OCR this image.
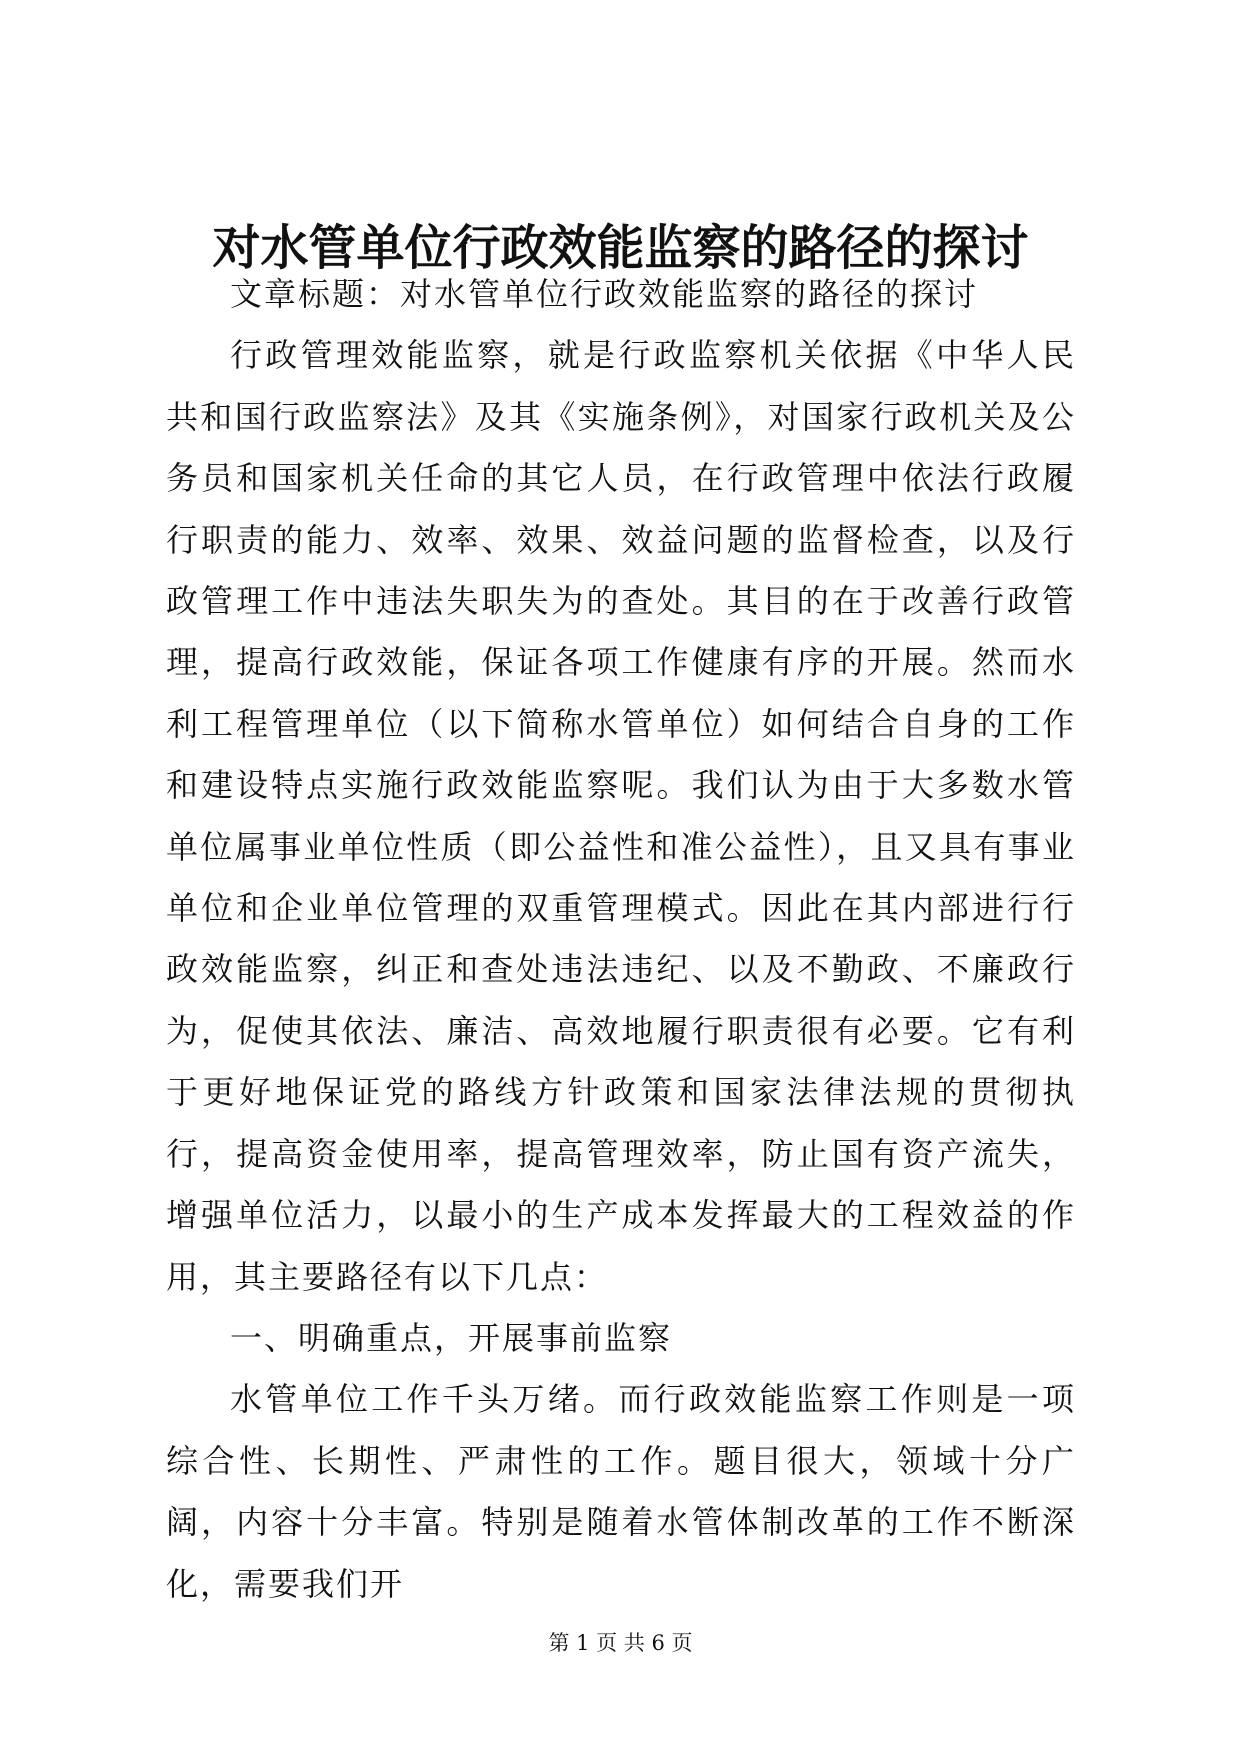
对水管单位行政效能监察的路径的探讨

文章标题：对水管单位行政效能监察的路径的探讨

行政管理效能监察，就是行政监察机关依据《中华人民共和国行政监察法》及其《实施条例》，对国家行政机关及公务员和国家机关任命的其它人员，在行政管理中依法行政履行职责的能力、效率、效果、效益问题的监督检查，以及行政管理工作中违法失职失为的查处。其目的在于改善行政管理，提高行政效能，保证各项工作健康有序的开展。然而水利工程管理单位（以下简称水管单位）如何结合自身的工作和建设特点实施行政效能监察呢。我们认为由于大多数水管单位属事业单位性质（即公益性和准公益性），且又具有事业单位和企业单位管理的双重管理模式。因此在其内部进行行政效能监察，纠正和查处违法违纪、以及不勤政、不廉政行为，促使其依法、廉洁、高效地履行职责很有必要。它有利于更好地保证党的路线方针政策和国家法律法规的贯彻执行，提高资金使用率，提高管理效率，防止国有资产流失，增强单位活力，以最小的生产成本发挥最大的工程效益的作用，其主要路径有以下几点：

一、明确重点，开展事前监察

水管单位工作千头万绪。而行政效能监察工作则是一项综合性、长期性、严肃性的工作。题目很大，领域十分广阔，内容十分丰富。特别是随着水管体制改革的工作不断深化，需要我们开

第 1 页 共 6 页
